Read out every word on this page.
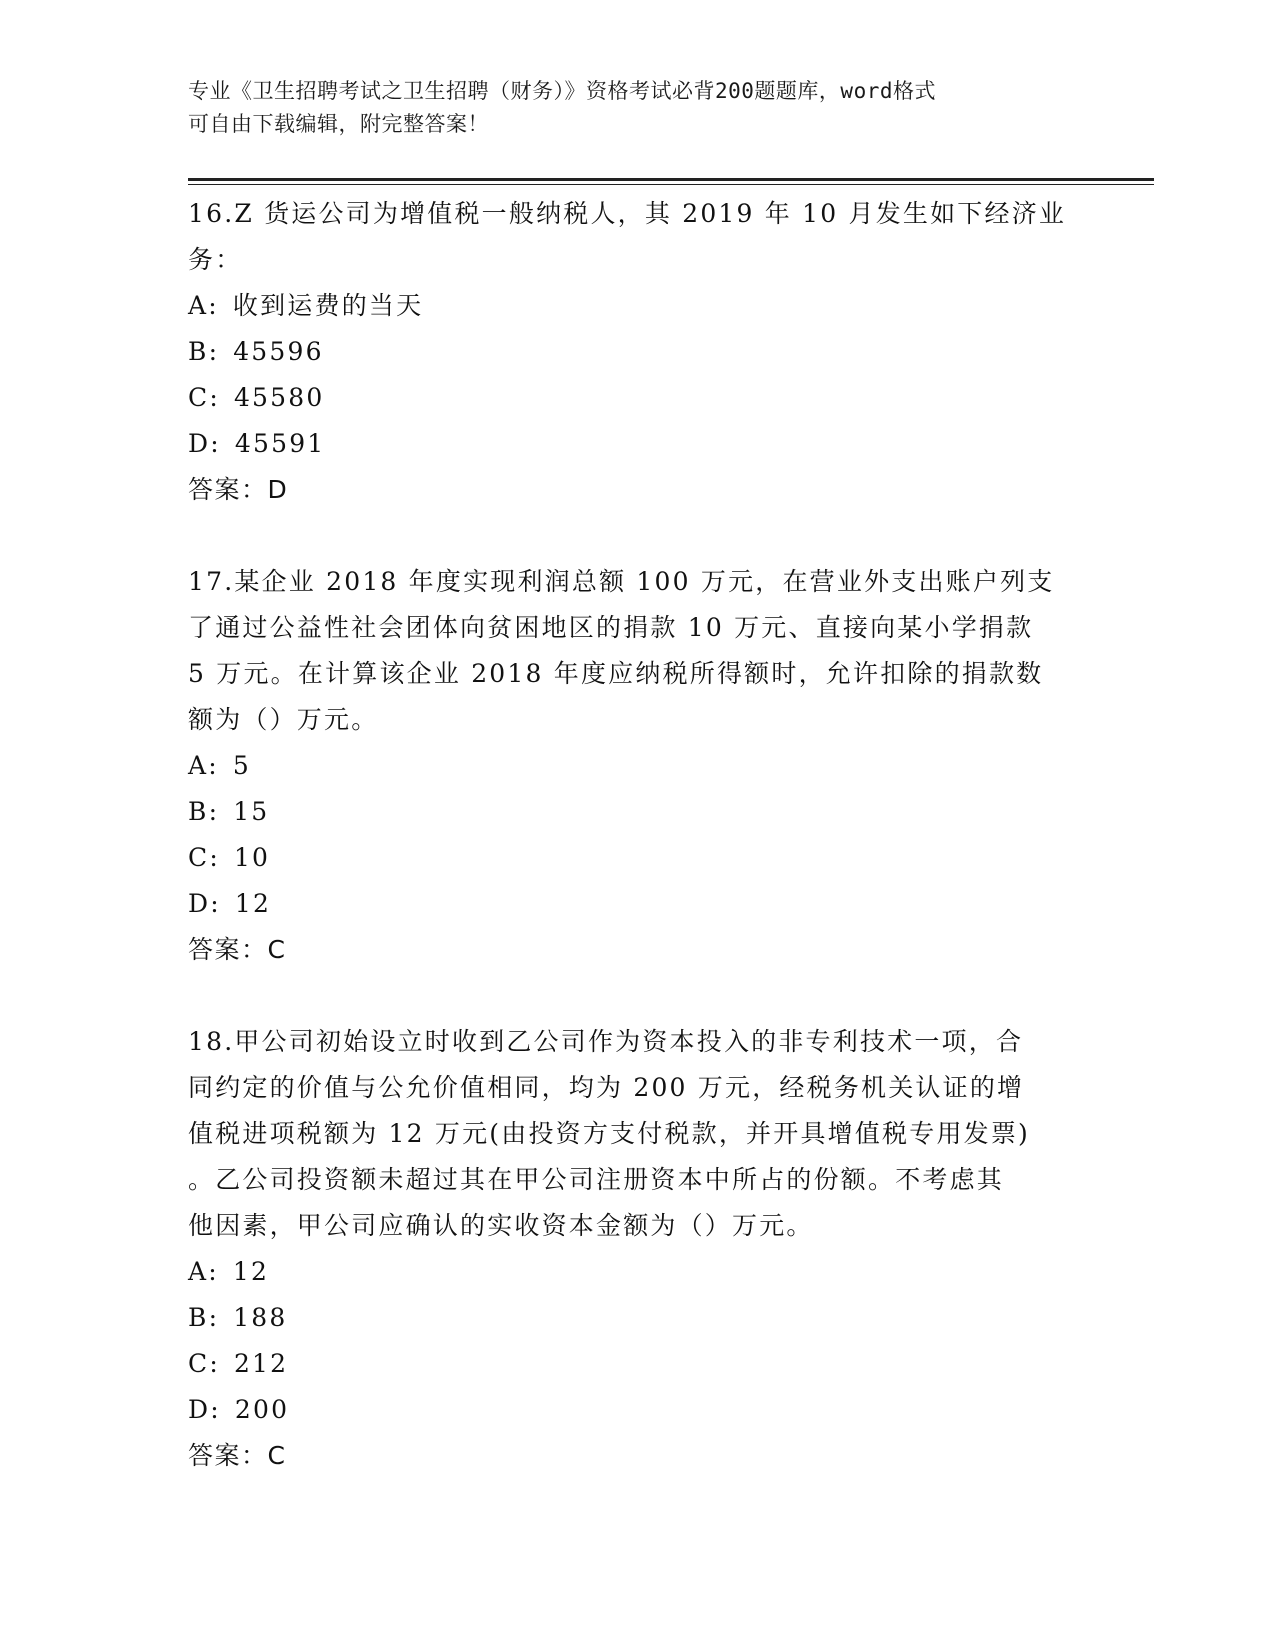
专业《卫生招聘考试之卫生招聘（财务）》资格考试必背200题题库，word格式
可自由下载编辑，附完整答案！
16.Z 货运公司为增值税一般纳税人，其 2019 年 10 月发生如下经济业
务：
A: 收到运费的当天
B: 45596
C: 45580
D: 45591
答案：D
17.某企业 2018 年度实现利润总额 100 万元，在营业外支出账户列支
了通过公益性社会团体向贫困地区的捐款 10 万元、直接向某小学捐款
5 万元。在计算该企业 2018 年度应纳税所得额时，允许扣除的捐款数
额为（）万元。
A: 5
B: 15
C: 10
D: 12
答案：C
18.甲公司初始设立时收到乙公司作为资本投入的非专利技术一项，合
同约定的价值与公允价值相同，均为 200 万元，经税务机关认证的增
值税进项税额为 12 万元(由投资方支付税款，并开具增值税专用发票)
。乙公司投资额未超过其在甲公司注册资本中所占的份额。不考虑其
他因素，甲公司应确认的实收资本金额为（）万元。
A: 12
B: 188
C: 212
D: 200
答案：C
